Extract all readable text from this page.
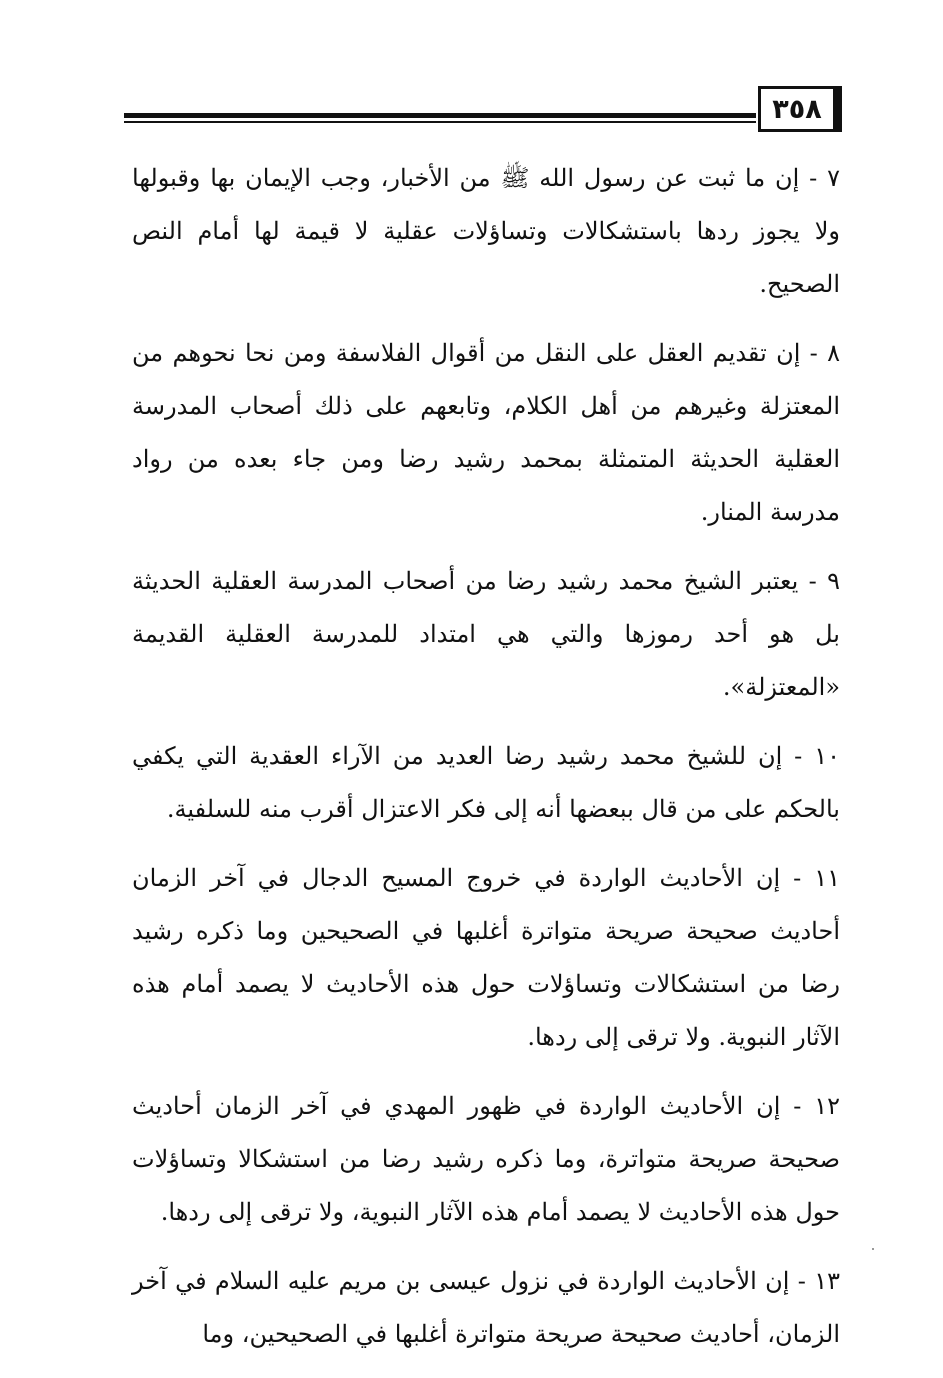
٣٥٨

٧ - إن ما ثبت عن رسول الله ﷺ من الأخبار، وجب الإيمان بها وقبولها ولا يجوز ردها باستشكالات وتساؤلات عقلية لا قيمة لها أمام النص الصحيح.

٨ - إن تقديم العقل على النقل من أقوال الفلاسفة ومن نحا نحوهم من المعتزلة وغيرهم من أهل الكلام، وتابعهم على ذلك أصحاب المدرسة العقلية الحديثة المتمثلة بمحمد رشيد رضا ومن جاء بعده من رواد مدرسة المنار.

٩ - يعتبر الشيخ محمد رشيد رضا من أصحاب المدرسة العقلية الحديثة بل هو أحد رموزها والتي هي امتداد للمدرسة العقلية القديمة «المعتزلة».

١٠ - إن للشيخ محمد رشيد رضا العديد من الآراء العقدية التي يكفي بالحكم على من قال ببعضها أنه إلى فكر الاعتزال أقرب منه للسلفية.

١١ - إن الأحاديث الواردة في خروج المسيح الدجال في آخر الزمان أحاديث صحيحة صريحة متواترة أغلبها في الصحيحين وما ذكره رشيد رضا من استشكالات وتساؤلات حول هذه الأحاديث لا يصمد أمام هذه الآثار النبوية. ولا ترقى إلى ردها.

١٢ - إن الأحاديث الواردة في ظهور المهدي في آخر الزمان أحاديث صحيحة صريحة متواترة، وما ذكره رشيد رضا من استشكالا وتساؤلات حول هذه الأحاديث لا يصمد أمام هذه الآثار النبوية، ولا ترقى إلى ردها.

١٣ - إن الأحاديث الواردة في نزول عيسى بن مريم عليه السلام في آخر الزمان، أحاديث صحيحة صريحة متواترة أغلبها في الصحيحين، وما
